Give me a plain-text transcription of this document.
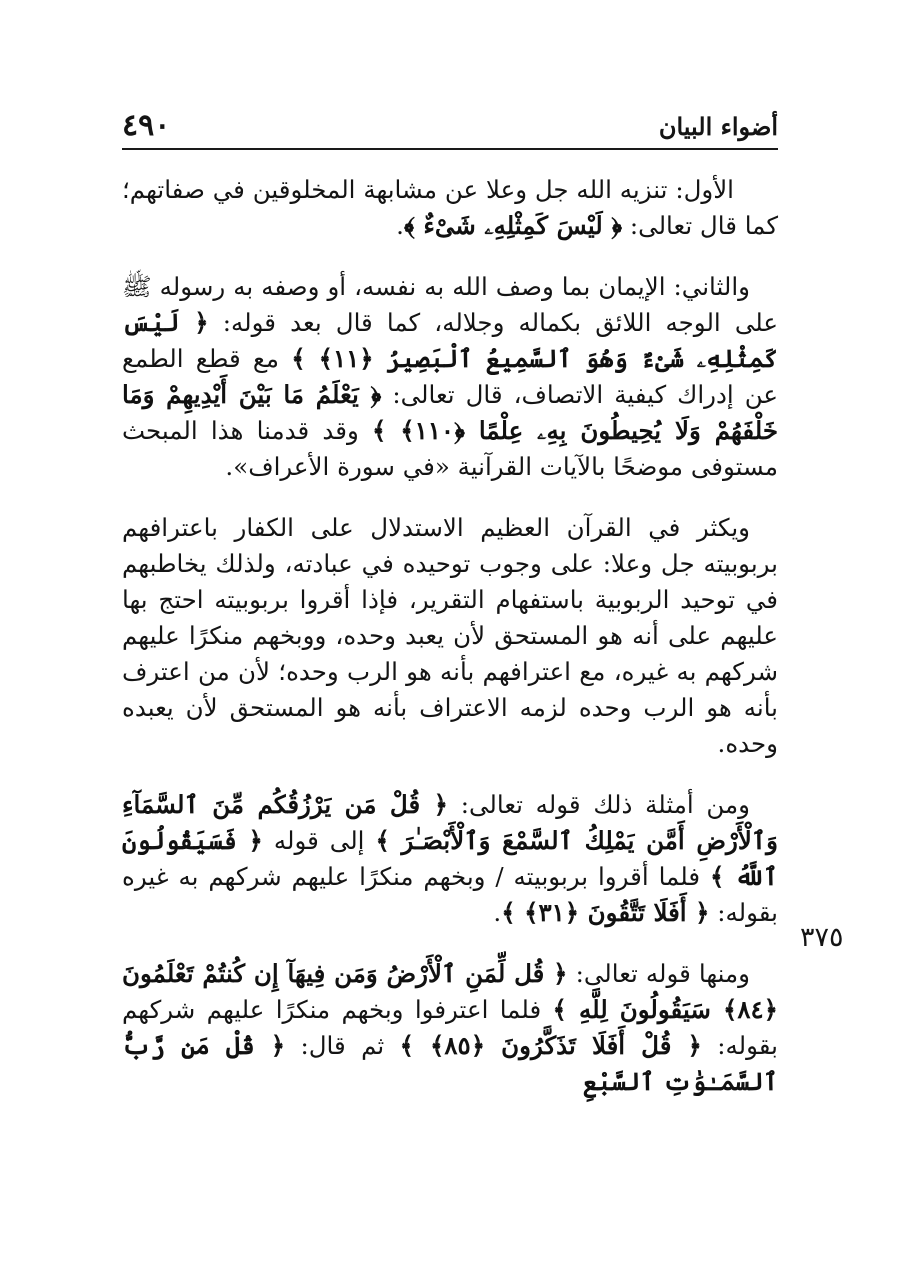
٤٩٠	أضواء البيان
٣٧٥

الأول: تنزيه الله جل وعلا عن مشابهة المخلوقين في صفاتهم؛ كما قال تعالى: ﴿ لَيْسَ كَمِثْلِهِۦ شَىْءٌ ﴾.

والثاني: الإيمان بما وصف الله به نفسه، أو وصفه به رسوله ﷺ على الوجه اللائق بكماله وجلاله، كما قال بعد قوله: ﴿ لَيْسَ كَمِثْلِهِۦ شَىْءٌ وَهُوَ ٱلسَّمِيعُ ٱلْبَصِيرُ ﴿١١﴾ ﴾ مع قطع الطمع عن إدراك كيفية الاتصاف، قال تعالى: ﴿ يَعْلَمُ مَا بَيْنَ أَيْدِيهِمْ وَمَا خَلْفَهُمْ وَلَا يُحِيطُونَ بِهِۦ عِلْمًا ﴿١١٠﴾ ﴾ وقد قدمنا هذا المبحث مستوفى موضحًا بالآيات القرآنية «في سورة الأعراف».

ويكثر في القرآن العظيم الاستدلال على الكفار باعترافهم بربوبيته جل وعلا: على وجوب توحيده في عبادته، ولذلك يخاطبهم في توحيد الربوبية باستفهام التقرير، فإذا أقروا بربوبيته احتج بها عليهم على أنه هو المستحق لأن يعبد وحده، ووبخهم منكرًا عليهم شركهم به غيره، مع اعترافهم بأنه هو الرب وحده؛ لأن من اعترف بأنه هو الرب وحده لزمه الاعتراف بأنه هو المستحق لأن يعبده وحده.

ومن أمثلة ذلك قوله تعالى: ﴿ قُلْ مَن يَرْزُقُكُم مِّنَ ٱلسَّمَآءِ وَٱلْأَرْضِ أَمَّن يَمْلِكُ ٱلسَّمْعَ وَٱلْأَبْصَـٰرَ ﴾ إلى قوله ﴿ فَسَيَقُولُونَ ٱللَّهُ ﴾ فلما أقروا بربوبيته / وبخهم منكرًا عليهم شركهم به غيره بقوله: ﴿ أَفَلَا تَتَّقُونَ ﴿٣١﴾ ﴾.

ومنها قوله تعالى: ﴿ قُل لِّمَنِ ٱلْأَرْضُ وَمَن فِيهَآ إِن كُنتُمْ تَعْلَمُونَ ﴿٨٤﴾ سَيَقُولُونَ لِلَّهِ ﴾ فلما اعترفوا وبخهم منكرًا عليهم شركهم بقوله: ﴿ قُلْ أَفَلَا تَذَكَّرُونَ ﴿٨٥﴾ ﴾ ثم قال: ﴿ قُلْ مَن رَّبُّ ٱلسَّمَـٰوَٰتِ ٱلسَّبْعِ
